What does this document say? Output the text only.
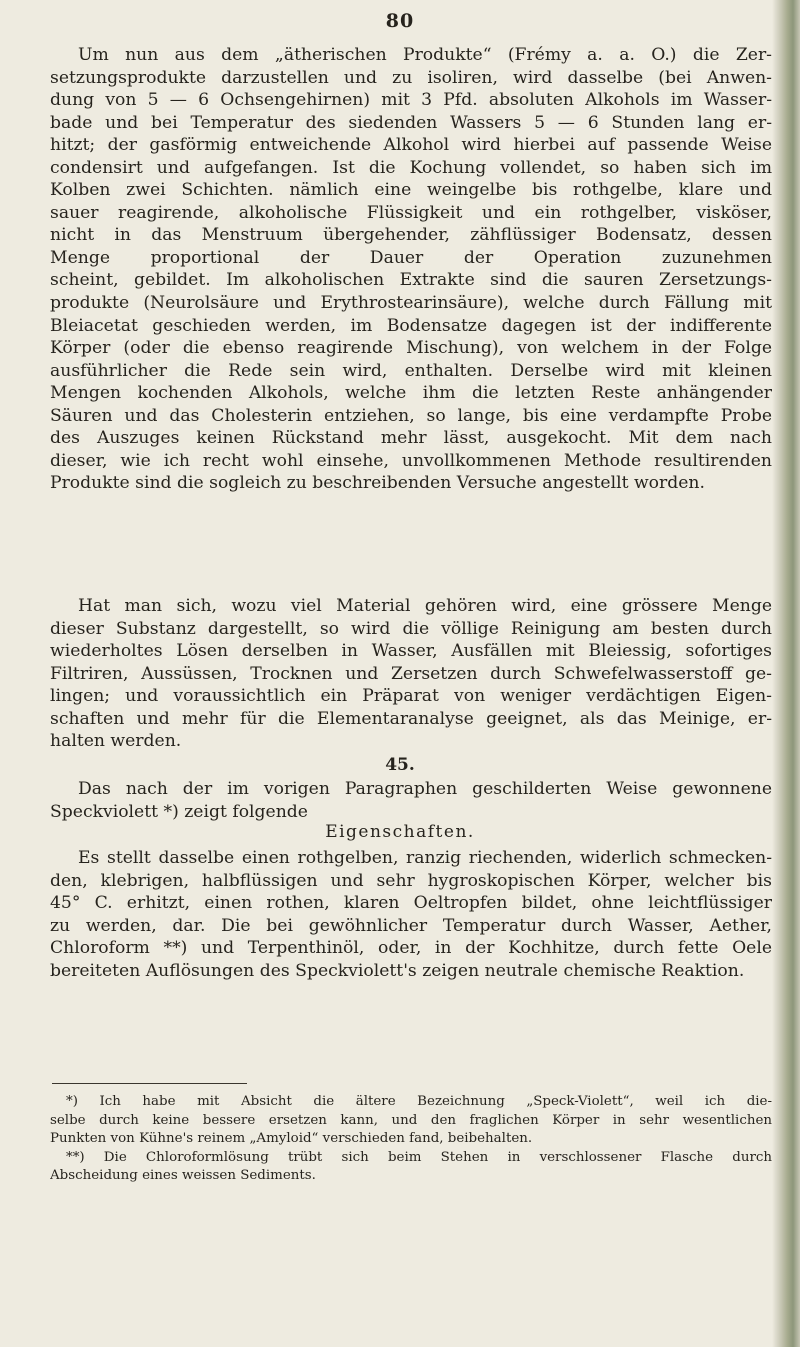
80
Um nun aus dem „ätherischen Produkte“ (Frémy a. a. O.) die Zer-
setzungsprodukte darzustellen und zu isoliren, wird dasselbe (bei Anwen-
dung von 5 — 6 Ochsengehirnen) mit 3 Pfd. absoluten Alkohols im Wasser-
bade und bei Temperatur des siedenden Wassers 5 — 6 Stunden lang er-
hitzt; der gasförmig entweichende Alkohol wird hierbei auf passende Weise
condensirt und aufgefangen. Ist die Kochung vollendet, so haben sich im
Kolben zwei Schichten. nämlich eine weingelbe bis rothgelbe, klare und
sauer reagirende, alkoholische Flüssigkeit und ein rothgelber, visköser,
nicht in das Menstruum übergehender, zähflüssiger Bodensatz, dessen
Menge proportional der Dauer der Operation zuzunehmen
scheint, gebildet. Im alkoholischen Extrakte sind die sauren Zersetzungs-
produkte (Neurolsäure und Erythrostearinsäure), welche durch Fällung mit
Bleiacetat geschieden werden, im Bodensatze dagegen ist der indifferente
Körper (oder die ebenso reagirende Mischung), von welchem in der Folge
ausführlicher die Rede sein wird, enthalten. Derselbe wird mit kleinen
Mengen kochenden Alkohols, welche ihm die letzten Reste anhängender
Säuren und das Cholesterin entziehen, so lange, bis eine verdampfte Probe
des Auszuges keinen Rückstand mehr lässt, ausgekocht. Mit dem nach
dieser, wie ich recht wohl einsehe, unvollkommenen Methode resultirenden
Produkte sind die sogleich zu beschreibenden Versuche angestellt worden.
Hat man sich, wozu viel Material gehören wird, eine grössere Menge
dieser Substanz dargestellt, so wird die völlige Reinigung am besten durch
wiederholtes Lösen derselben in Wasser, Ausfällen mit Bleiessig, sofortiges
Filtriren, Aussüssen, Trocknen und Zersetzen durch Schwefelwasserstoff ge-
lingen; und voraussichtlich ein Präparat von weniger verdächtigen Eigen-
schaften und mehr für die Elementaranalyse geeignet, als das Meinige, er-
halten werden.
45.
Das nach der im vorigen Paragraphen geschilderten Weise gewonnene
Speckviolett *) zeigt folgende
Eigenschaften.
Es stellt dasselbe einen rothgelben, ranzig riechenden, widerlich schmecken-
den, klebrigen, halbflüssigen und sehr hygroskopischen Körper, welcher bis
45° C. erhitzt, einen rothen, klaren Oeltropfen bildet, ohne leichtflüssiger
zu werden, dar. Die bei gewöhnlicher Temperatur durch Wasser, Aether,
Chloroform **) und Terpenthinöl, oder, in der Kochhitze, durch fette Oele
bereiteten Auflösungen des Speckviolett's zeigen neutrale chemische Reaktion.
*) Ich habe mit Absicht die ältere Bezeichnung „Speck-Violett“, weil ich die-
selbe durch keine bessere ersetzen kann, und den fraglichen Körper in sehr wesentlichen
Punkten von Kühne's reinem „Amyloid“ verschieden fand, beibehalten.
**) Die Chloroformlösung trübt sich beim Stehen in verschlossener Flasche durch
Abscheidung eines weissen Sediments.
